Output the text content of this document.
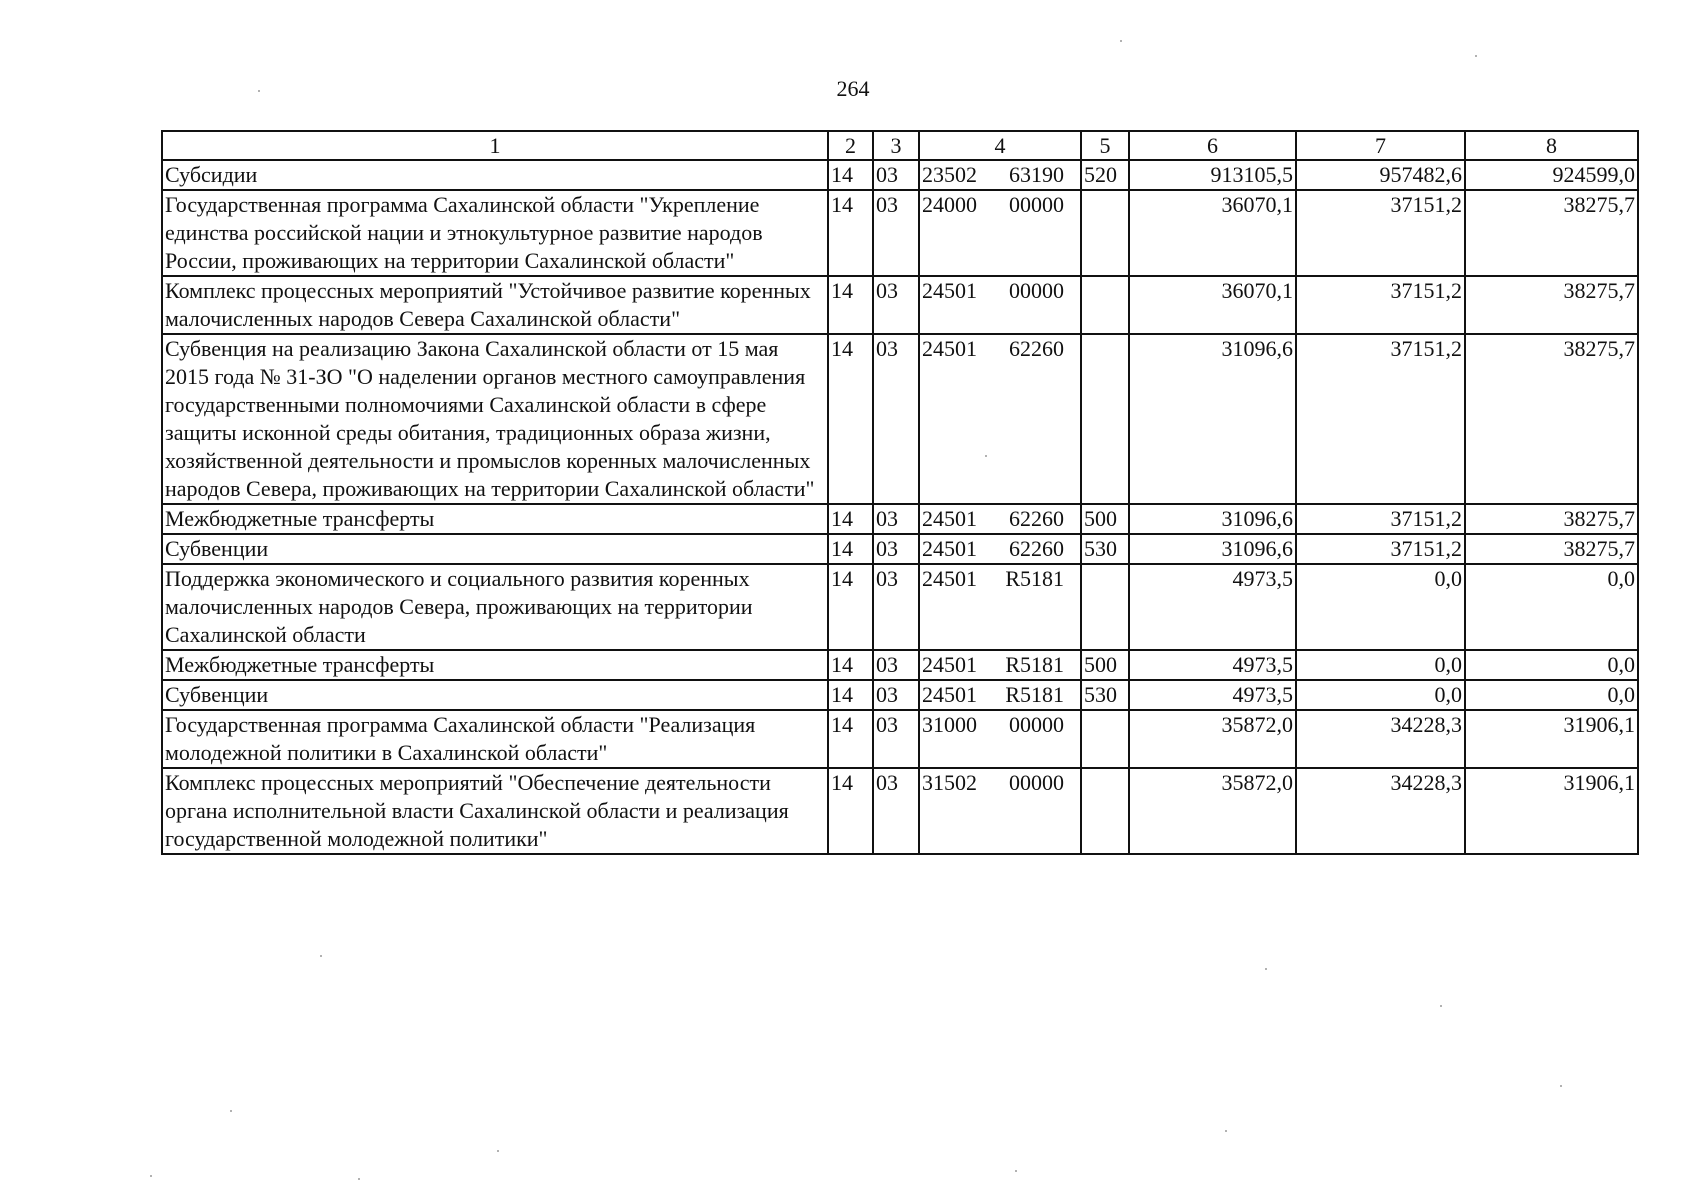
264
1	2	3	4	5	6	7	8
Субсидии	14	03	23502 63190	520	913105,5	957482,6	924599,0
Государственная программа Сахалинской области "Укрепление единства российской нации и этнокультурное развитие народов России, проживающих на территории Сахалинской области"	14	03	24000 00000		36070,1	37151,2	38275,7
Комплекс процессных мероприятий "Устойчивое развитие коренных малочисленных народов Севера Сахалинской области"	14	03	24501 00000		36070,1	37151,2	38275,7
Субвенция на реализацию Закона Сахалинской области от 15 мая 2015 года № 31-ЗО "О наделении органов местного самоуправления государственными полномочиями Сахалинской области в сфере защиты исконной среды обитания, традиционных образа жизни, хозяйственной деятельности и промыслов коренных малочисленных народов Севера, проживающих на территории Сахалинской области"	14	03	24501 62260		31096,6	37151,2	38275,7
Межбюджетные трансферты	14	03	24501 62260	500	31096,6	37151,2	38275,7
Субвенции	14	03	24501 62260	530	31096,6	37151,2	38275,7
Поддержка экономического и социального развития коренных малочисленных народов Севера, проживающих на территории Сахалинской области	14	03	24501 R5181		4973,5	0,0	0,0
Межбюджетные трансферты	14	03	24501 R5181	500	4973,5	0,0	0,0
Субвенции	14	03	24501 R5181	530	4973,5	0,0	0,0
Государственная программа Сахалинской области "Реализация молодежной политики в Сахалинской области"	14	03	31000 00000		35872,0	34228,3	31906,1
Комплекс процессных мероприятий "Обеспечение деятельности органа исполнительной власти Сахалинской области и реализация государственной молодежной политики"	14	03	31502 00000		35872,0	34228,3	31906,1
